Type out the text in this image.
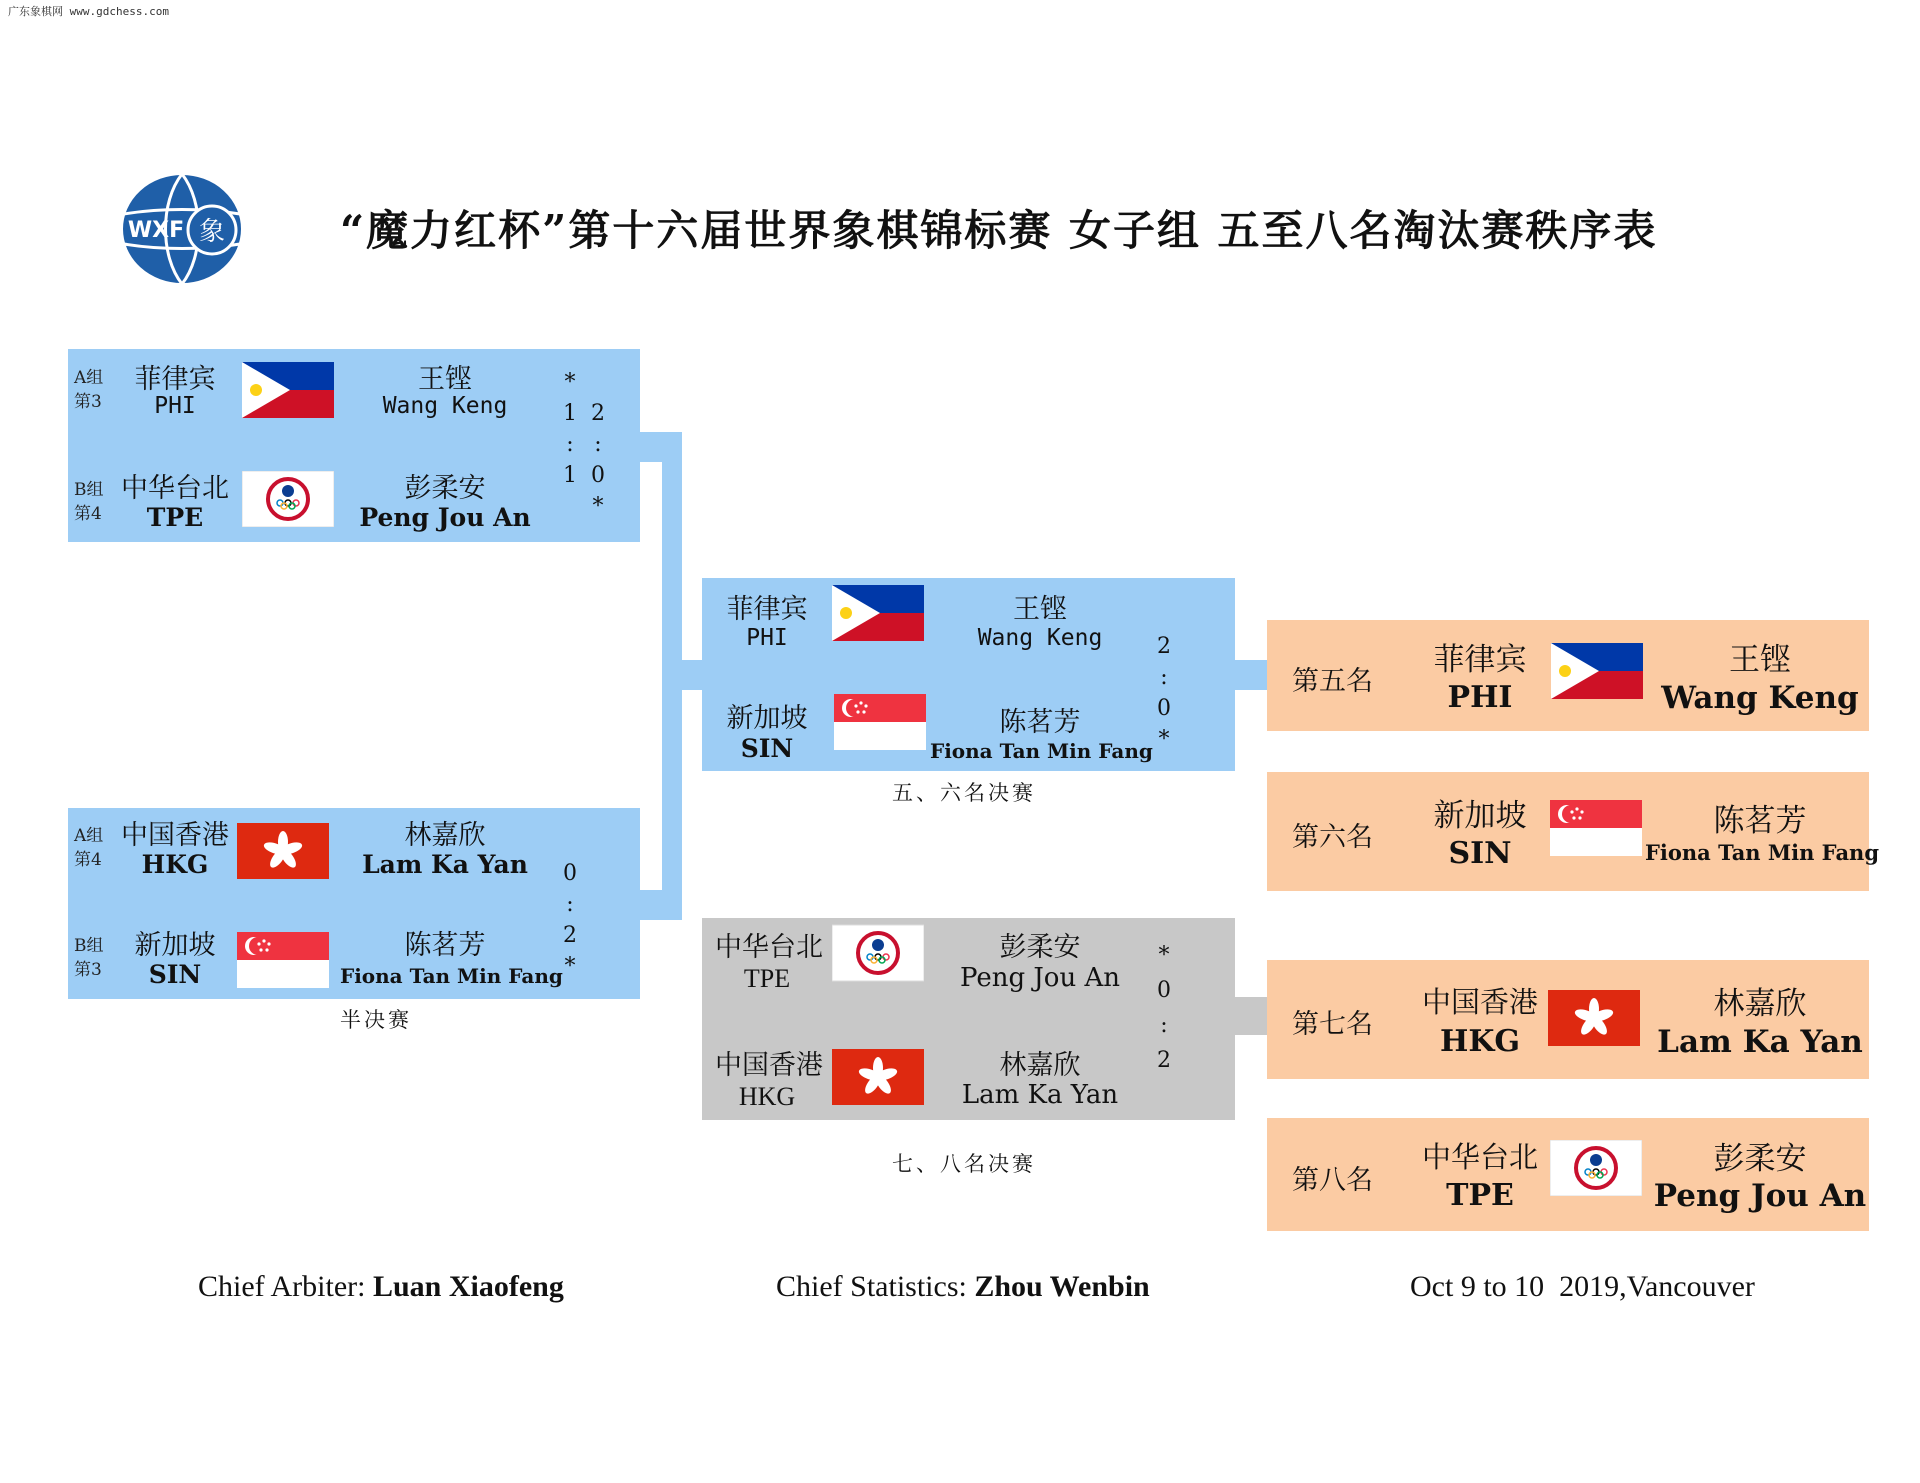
广东象棋网 www.gdchess.com
象
WXF	“魔力红杯”第十六届世界象棋锦标赛 女子组 五至八名淘汰赛秩序表
A组
第3
菲律宾
PHI
王铿
Wang Keng
B组
第4
中华台北
TPE
彭柔安
Peng Jou An
*
1
:
1
2
:
0
*
A组
第4
中国香港
HKG
林嘉欣
Lam Ka Yan
B组
第3
新加坡
SIN
陈茗芳
Fiona Tan Min Fang
0
:
2
*
半决赛
菲律宾
PHI
王铿
Wang Keng
新加坡
SIN
陈茗芳
Fiona Tan Min Fang
2
:
0
*
五、六名决赛
中华台北
TPE
彭柔安
Peng Jou An
中国香港
HKG
林嘉欣
Lam Ka Yan
*
0
:
2
七、八名决赛
第五名
菲律宾
PHI
王铿
Wang Keng
第六名
新加坡
SIN
陈茗芳
Fiona Tan Min Fang
第七名
中国香港
HKG
林嘉欣
Lam Ka Yan
第八名
中华台北
TPE
彭柔安
Peng Jou An
Chief Arbiter: Luan Xiaofeng	Chief Statistics: Zhou Wenbin	Oct 9 to 10  2019,Vancouver
